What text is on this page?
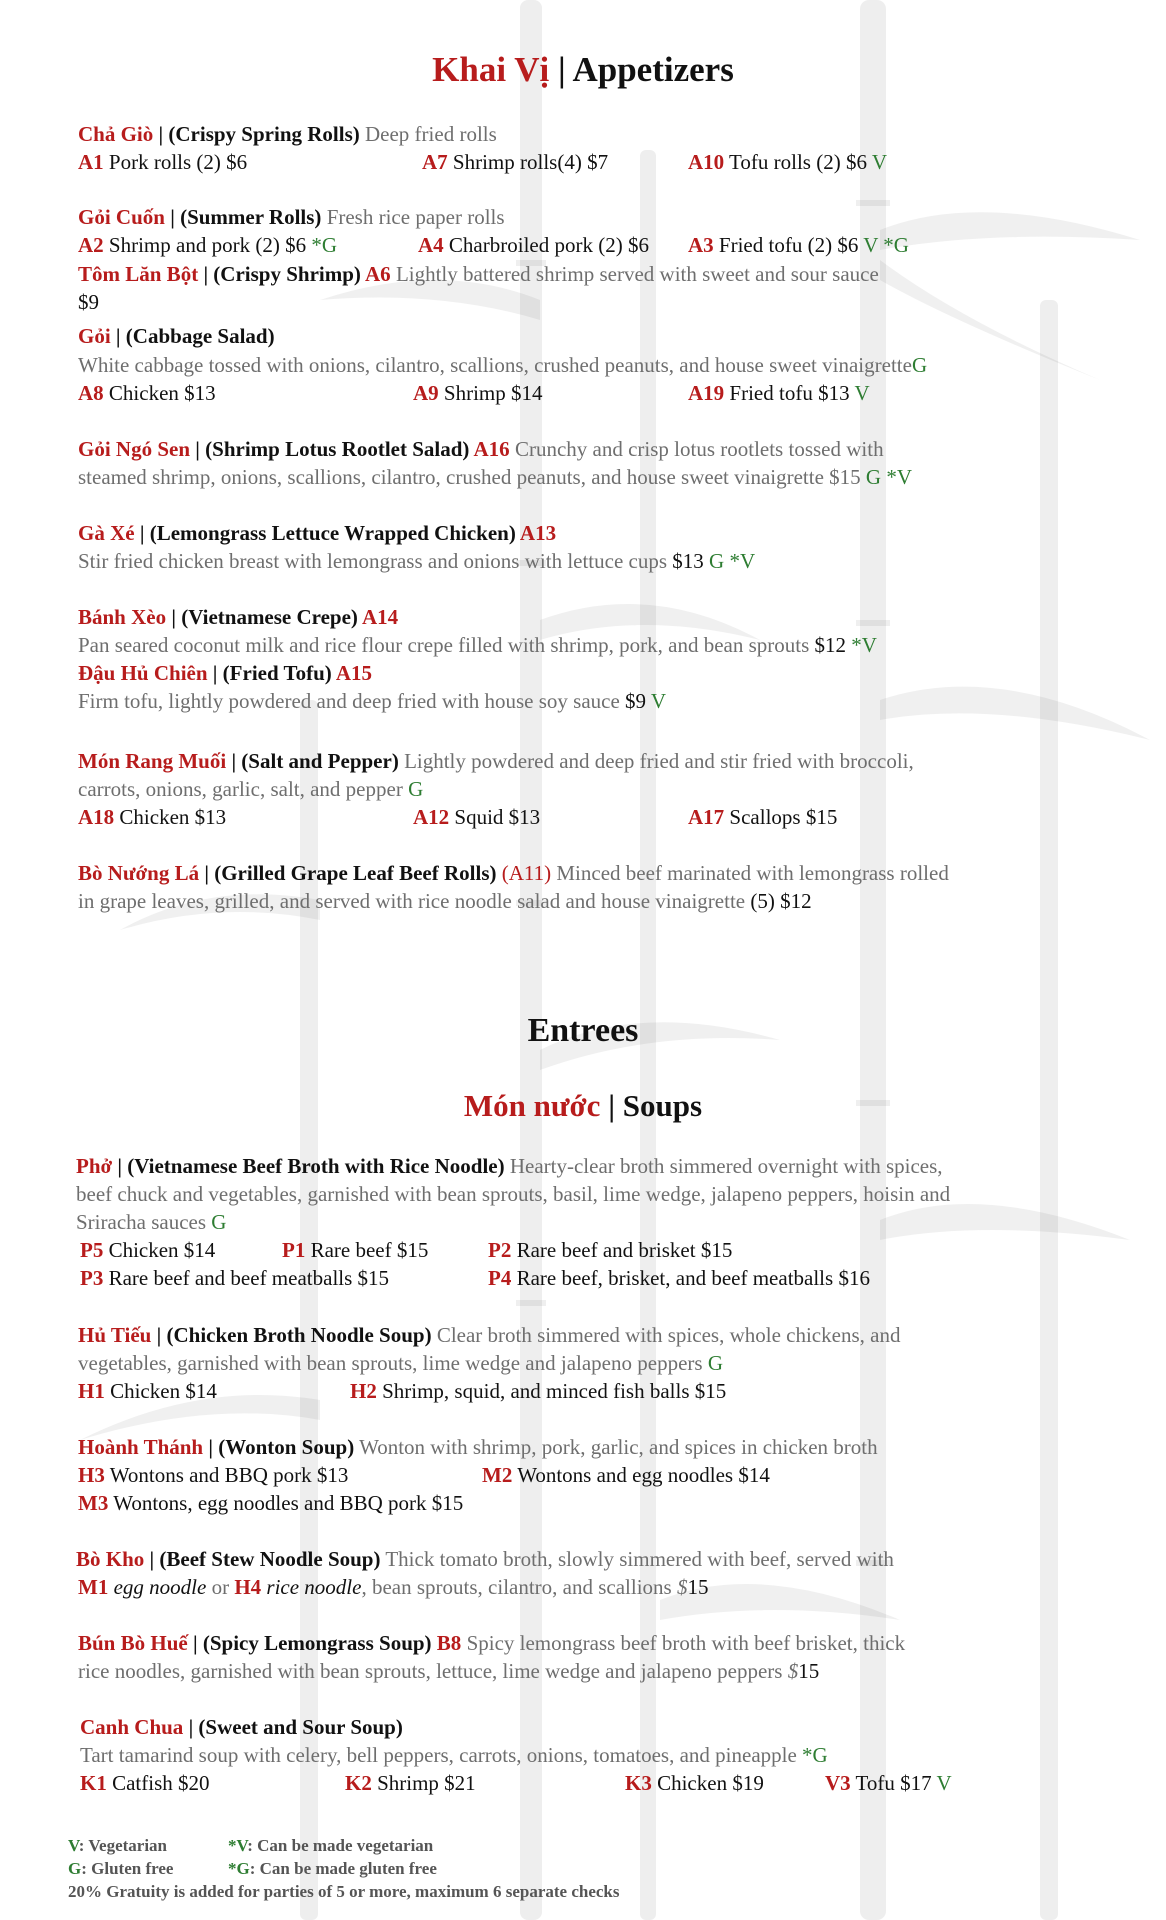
Khai Vị | Appetizers
Chả Giò | (Crispy Spring Rolls) Deep fried rolls
A1 Pork rolls (2) $6	A7 Shrimp rolls(4) $7	A10 Tofu rolls (2) $6 V
Gỏi Cuốn | (Summer Rolls) Fresh rice paper rolls
A2 Shrimp and pork (2) $6 *G	A4 Charbroiled pork (2) $6 A3 Fried tofu (2) $6 V *G
Tôm Lăn Bột | (Crispy Shrimp) A6 Lightly battered shrimp served with sweet and sour sauce
$9
Gỏi | (Cabbage Salad)
White cabbage tossed with onions, cilantro, scallions, crushed peanuts, and house sweet vinaigretteG
A8 Chicken $13	A9 Shrimp $14	A19 Fried tofu $13 V
Gỏi Ngó Sen | (Shrimp Lotus Rootlet Salad) A16 Crunchy and crisp lotus rootlets tossed with
steamed shrimp, onions, scallions, cilantro, crushed peanuts, and house sweet vinaigrette $15 G *V
Gà Xé | (Lemongrass Lettuce Wrapped Chicken) A13
Stir fried chicken breast with lemongrass and onions with lettuce cups $13 G *V
Bánh Xèo | (Vietnamese Crepe) A14
Pan seared coconut milk and rice flour crepe filled with shrimp, pork, and bean sprouts $12 *V
Đậu Hủ Chiên | (Fried Tofu) A15
Firm tofu, lightly powdered and deep fried with house soy sauce $9 V
Món Rang Muối | (Salt and Pepper) Lightly powdered and deep fried and stir fried with broccoli,
carrots, onions, garlic, salt, and pepper G
A18 Chicken $13	A12 Squid $13	A17 Scallops $15
Bò Nướng Lá | (Grilled Grape Leaf Beef Rolls) (A11) Minced beef marinated with lemongrass rolled
in grape leaves, grilled, and served with rice noodle salad and house vinaigrette (5) $12
Entrees
Món nước | Soups
Phở | (Vietnamese Beef Broth with Rice Noodle) Hearty-clear broth simmered overnight with spices,
beef chuck and vegetables, garnished with bean sprouts, basil, lime wedge, jalapeno peppers, hoisin and
Sriracha sauces G
P5 Chicken $14	P1 Rare beef $15	P2 Rare beef and brisket $15
P3 Rare beef and beef meatballs $15	P4 Rare beef, brisket, and beef meatballs $16
Hủ Tiếu | (Chicken Broth Noodle Soup) Clear broth simmered with spices, whole chickens, and
vegetables, garnished with bean sprouts, lime wedge and jalapeno peppers G
H1 Chicken $14	H2 Shrimp, squid, and minced fish balls $15
Hoành Thánh | (Wonton Soup) Wonton with shrimp, pork, garlic, and spices in chicken broth
H3 Wontons and BBQ pork $13	M2 Wontons and egg noodles $14
M3 Wontons, egg noodles and BBQ pork $15
Bò Kho | (Beef Stew Noodle Soup) Thick tomato broth, slowly simmered with beef, served with
M1 egg noodle or H4 rice noodle, bean sprouts, cilantro, and scallions $15
Bún Bò Huế | (Spicy Lemongrass Soup) B8 Spicy lemongrass beef broth with beef brisket, thick
rice noodles, garnished with bean sprouts, lettuce, lime wedge and jalapeno peppers $15
Canh Chua | (Sweet and Sour Soup)
Tart tamarind soup with celery, bell peppers, carrots, onions, tomatoes, and pineapple *G
K1 Catfish $20	K2 Shrimp $21	K3 Chicken $19	V3 Tofu $17 V
V: Vegetarian	*V: Can be made vegetarian
G: Gluten free	*G: Can be made gluten free
20% Gratuity is added for parties of 5 or more, maximum 6 separate checks
